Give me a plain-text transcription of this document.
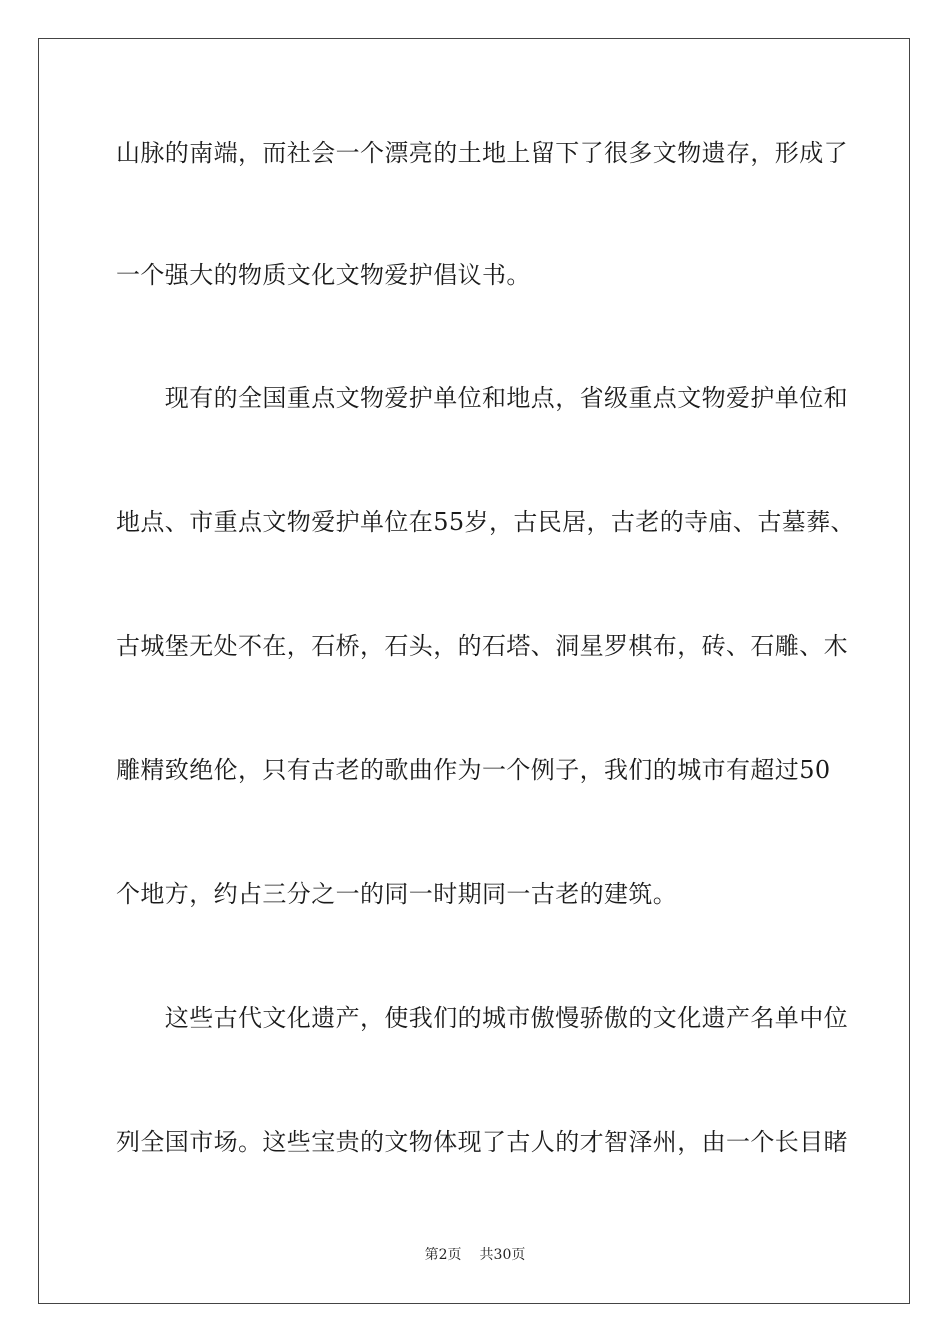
山脉的南端，而社会一个漂亮的土地上留下了很多文物遗存，形成了
一个强大的物质文化文物爱护倡议书。
　　现有的全国重点文物爱护单位和地点，省级重点文物爱护单位和
地点、市重点文物爱护单位在55岁，古民居，古老的寺庙、古墓葬、
古城堡无处不在，石桥，石头，的石塔、洞星罗棋布，砖、石雕、木
雕精致绝伦，只有古老的歌曲作为一个例子，我们的城市有超过50
个地方，约占三分之一的同一时期同一古老的建筑。
　　这些古代文化遗产，使我们的城市傲慢骄傲的文化遗产名单中位
列全国市场。这些宝贵的文物体现了古人的才智泽州，由一个长目睹
第2页 共30页
